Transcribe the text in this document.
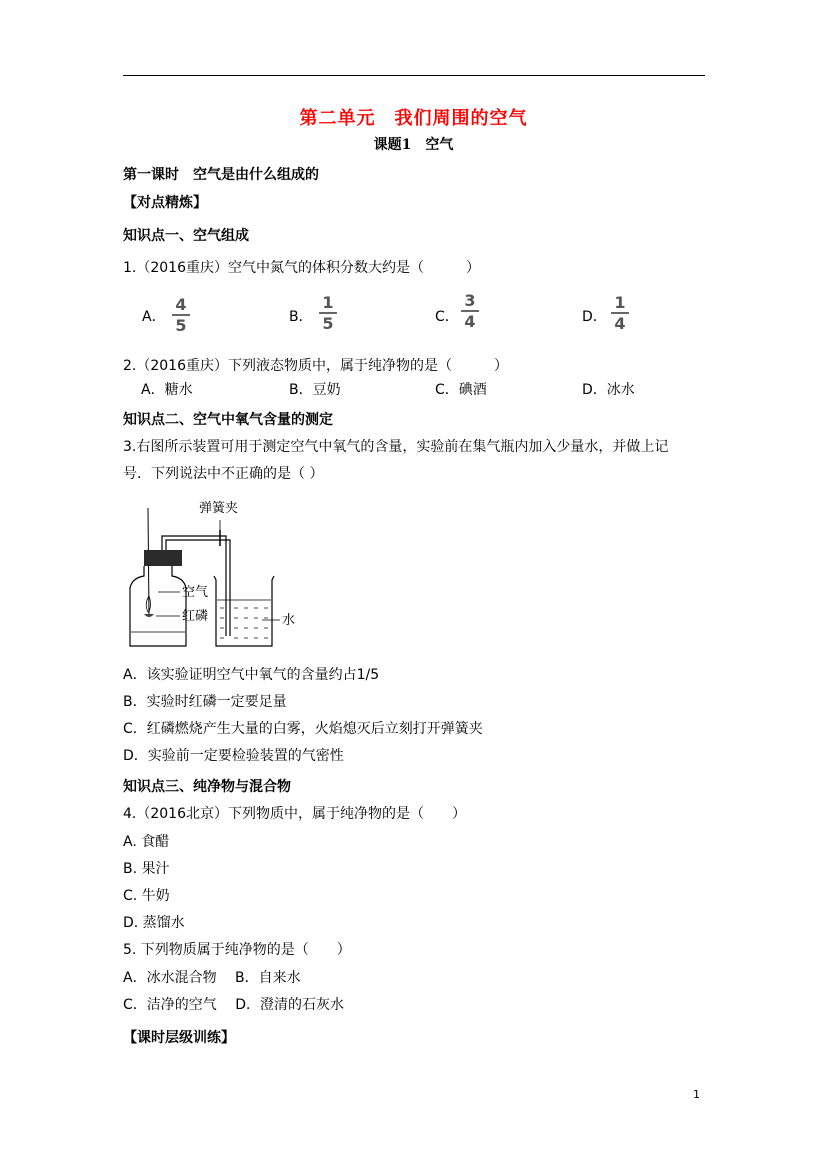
第二单元　我们周围的空气
课题1　空气
第一课时　空气是由什么组成的
【对点精炼】
知识点一、空气组成
1.（2016重庆）空气中氮气的体积分数大约是（　　　）
A．
4
5	B．
1
5	C．
3
4	D．
1
4
2.（2016重庆）下列液态物质中，属于纯净物的是（　　　）
A．糖水	B．豆奶	C．碘酒	D．冰水
知识点二、空气中氧气含量的测定
3.右图所示装置可用于测定空气中氧气的含量，实验前在集气瓶内加入少量水，并做上记
号．下列说法中不正确的是（ ）
弹簧夹
空气
红磷	水
A．该实验证明空气中氧气的含量约占1/5
B．实验时红磷一定要足量
C．红磷燃烧产生大量的白雾，火焰熄灭后立刻打开弹簧夹
D．实验前一定要检验装置的气密性
知识点三、纯净物与混合物
4.（2016北京）下列物质中，属于纯净物的是（　　）
A. 食醋
B. 果汁
C. 牛奶
D. 蒸馏水
5. 下列物质属于纯净物的是（　　）
A．冰水混合物　 B．自来水
C．洁净的空气　 D．澄清的石灰水
【课时层级训练】
1
